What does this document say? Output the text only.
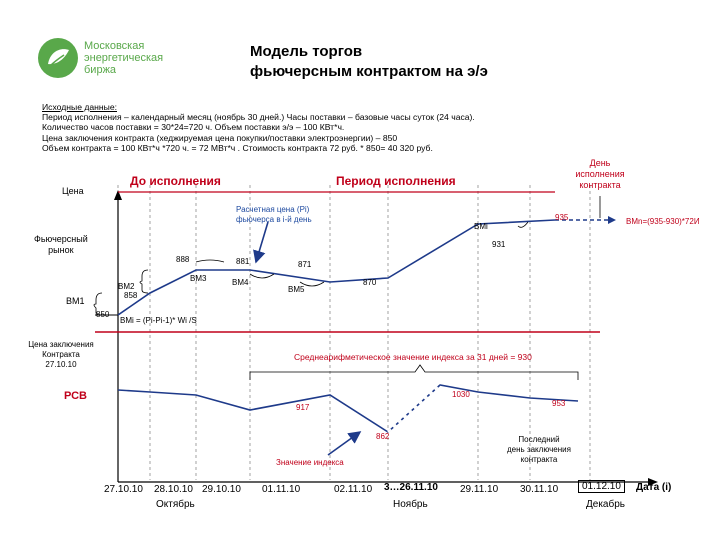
Московская
энергетическая
биржа
Модель торгов
фьючерсным контрактом на э/э
Исходные данные:
Период исполнения – календарный месяц (ноябрь 30 дней.) Часы поставки – базовые часы суток (24 часа).
Количество часов поставки = 30*24=720 ч. Объем поставки э/э – 100 КВт*ч.
Цена заключения контракта (хеджируемая цена покупки/поставки электроэнергии) – 850
Объем контракта = 100 КВт*ч *720 ч. = 72 МВт*ч . Стоимость контракта 72 руб. * 850= 40 320 руб.
До исполнения	Период исполнения
День
исполнения
контракта
Цена
Фьючерсный
рынок
850
858
888	881	871
870
931
935
ВМ1
ВМ2
ВМ3	ВМ4
ВМ5
ВМi
ВМi = (Pi-Pi-1)* Wi /S
ВМn=(935-930)*72И
Расчетная цена (Pi)
фьючерса в i-й день
Цена заключения
Контракта
27.10.10
Среднеарифметическое значение индекса за 31 дней = 930
РСВ
917
862
1030
953
Значение индекса
Последний
день заключения
контракта
27.10.10 28.10.10 29.10.10 01.11.10	02.11.10 3…26.11.10 29.11.10 30.11.10	01.12.10	Дата (i)
Октябрь	Ноябрь	Декабрь
